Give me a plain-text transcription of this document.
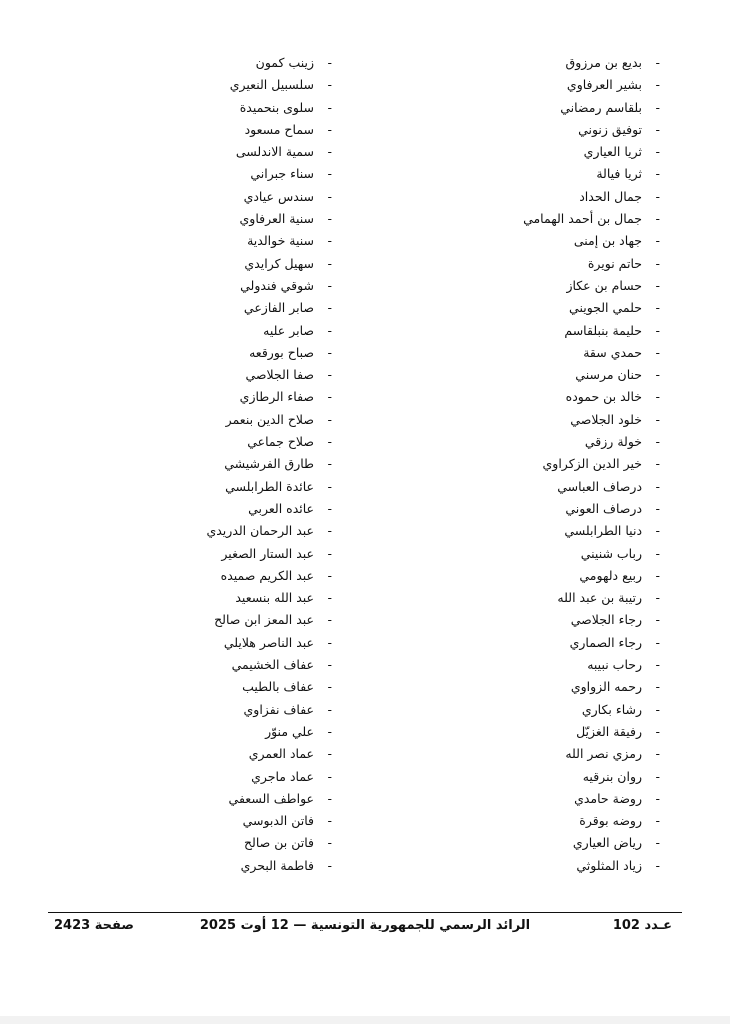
- بديع بن مرزوق
- بشير العرفاوي
- بلقاسم رمضاني
- توفيق زنوني
- ثريا العياري
- ثريا فيالة
- جمال الحداد
- جمال بن أحمد الهمامي
- جهاد بن إمنى
- حاتم نويرة
- حسام بن عكاز
- حلمي الجويني
- حليمة بنبلقاسم
- حمدي سقة
- حنان مرسني
- خالد بن حموده
- خلود الجلاصي
- خولة رزقي
- خير الدين الزكراوي
- درصاف العباسي
- درصاف العوني
- دنيا الطرابلسي
- رباب شنيني
- ربيع دلهومي
- رتيبة بن عبد الله
- رجاء الجلاصي
- رجاء الصماري
- رحاب نبيبه
- رحمه الزواوي
- رشاء بكاري
- رفيقة الغزيّل
- رمزي نصر الله
- روان بنرقيه
- روضة حامدي
- روضه بوقرة
- رياض العياري
- زياد المثلوثي
- زينب كمون
- سلسبيل النعيري
- سلوى بنحميدة
- سماح مسعود
- سمية الاندلسى
- سناء جبراني
- سندس عيادي
- سنية العرفاوي
- سنية خوالدية
- سهيل كرايدي
- شوقي فندولي
- صابر الفازعي
- صابر عليه
- صباح بورقعه
- صفا الجلاصي
- صفاء الرطازي
- صلاح الدين بنعمر
- صلاح جماعي
- طارق الفرشيشي
- عائدة الطرابلسي
- عائده العربي
- عبد الرحمان الدريدي
- عبد الستار الصغير
- عبد الكريم صميده
- عبد الله بنسعيد
- عبد المعز ابن صالح
- عبد الناصر هلايلي
- عفاف الخشيمي
- عفاف بالطيب
- عفاف نفزاوي
- علي منوّر
- عماد العمري
- عماد ماجري
- عواطف السعفي
- فاتن الدبوسي
- فاتن بن صالح
- فاطمة البحري
عـدد 102
الرائد الرسمي للجمهورية التونسية — 12 أوت 2025
صفحة 2423
